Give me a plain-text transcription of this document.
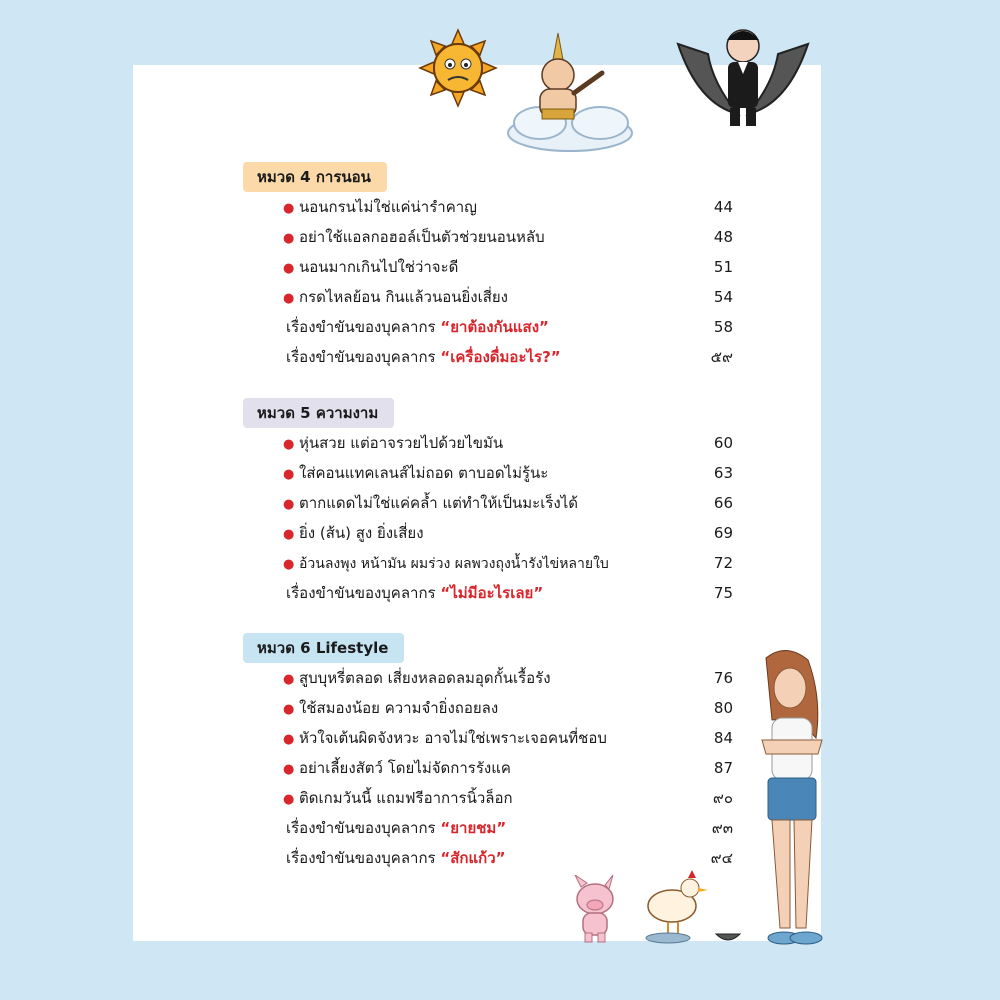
หมวด 4 การนอน
● นอนกรนไม่ใช่แค่น่ารำคาญ	44
● อย่าใช้แอลกอฮอล์เป็นตัวช่วยนอนหลับ	48
● นอนมากเกินไปใช่ว่าจะดี	51
● กรดไหลย้อน กินแล้วนอนยิ่งเสี่ยง	54
เรื่องขำขันของบุคลากร “ยาต้องกันแสง”	58
เรื่องขำขันของบุคลากร “เครื่องดื่มอะไร?”	๕๙
หมวด 5 ความงาม
● หุ่นสวย แต่อาจรวยไปด้วยไขมัน	60
● ใส่คอนแทคเลนส์ไม่ถอด ตาบอดไม่รู้นะ	63
● ตากแดดไม่ใช่แค่คล้ำ แต่ทำให้เป็นมะเร็งได้	66
● ยิ่ง (ส้น) สูง ยิ่งเสี่ยง	69
● อ้วนลงพุง หน้ามัน ผมร่วง ผลพวงถุงน้ำรังไข่หลายใบ	72
เรื่องขำขันของบุคลากร “ไม่มีอะไรเลย”	75
หมวด 6 Lifestyle
● สูบบุหรี่ตลอด เสี่ยงหลอดลมอุดกั้นเรื้อรัง	76
● ใช้สมองน้อย ความจำยิ่งถอยลง	80
● หัวใจเต้นผิดจังหวะ อาจไม่ใช่เพราะเจอคนที่ชอบ	84
● อย่าเลี้ยงสัตว์ โดยไม่จัดการรังแค	87
● ติดเกมวันนี้ แถมฟรีอาการนิ้วล็อก	๙๐
เรื่องขำขันของบุคลากร “ยายชม”	๙๓
เรื่องขำขันของบุคลากร “สักแก้ว”	๙๔
